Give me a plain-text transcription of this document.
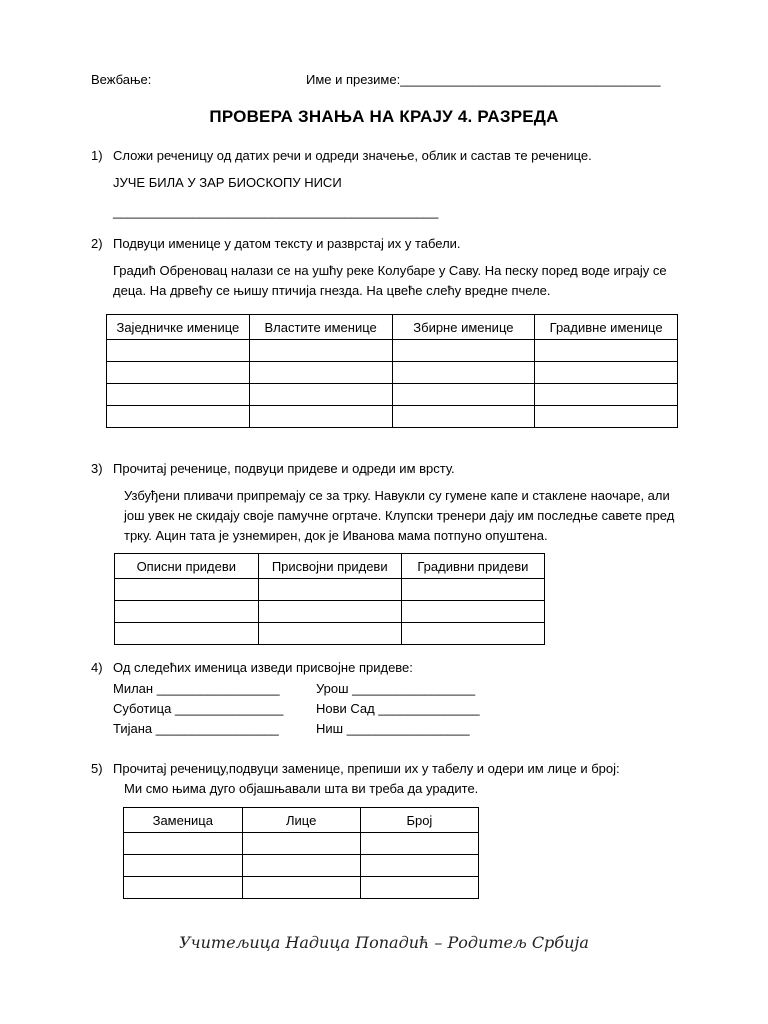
Вежбање:	Име и презиме:____________________________________
ПРОВЕРА ЗНАЊА НА КРАЈУ 4. РАЗРЕДА
1) Сложи реченицу од датих речи и одреди значење, облик и састав те реченице.
ЈУЧЕ БИЛА У ЗАР БИОСКОПУ НИСИ
_____________________________________________
2) Подвуци именице у датом тексту и разврстај их у табели.
Градић Обреновац налази се на ушћу реке Колубаре у Саву. На песку поред воде играју се
деца. На дрвећу се њишу птичија гнезда. На цвеће слећу вредне пчеле.
Заједничке именице	Властите именице	Збирне именице	Градивне именице

3) Прочитај реченице, подвуци придеве и одреди им врсту.
Узбуђени пливачи припремају се за трку. Навукли су гумене капе и стаклене наочаре, али
још увек не скидају своје памучне огртаче. Клупски тренери дају им последње савете пред
трку. Ацин тата је узнемирен, док је Иванова мама потпуно опуштена.
Описни придеви	Присвојни придеви	Градивни придеви

4) Од следећих именица изведи присвојне придеве:
Милан _________________
Суботица _______________
Тијана _________________
Урош _________________
Нови Сад ______________
Ниш _________________
5) Прочитај реченицу,подвуци заменице, препиши их у табелу и одери им лице и број:
Ми смо њима дуго објашњавали шта ви треба да урадите.
Заменица	Лице	Број

Учитељица Надица Попадић – Родитељ Србија
